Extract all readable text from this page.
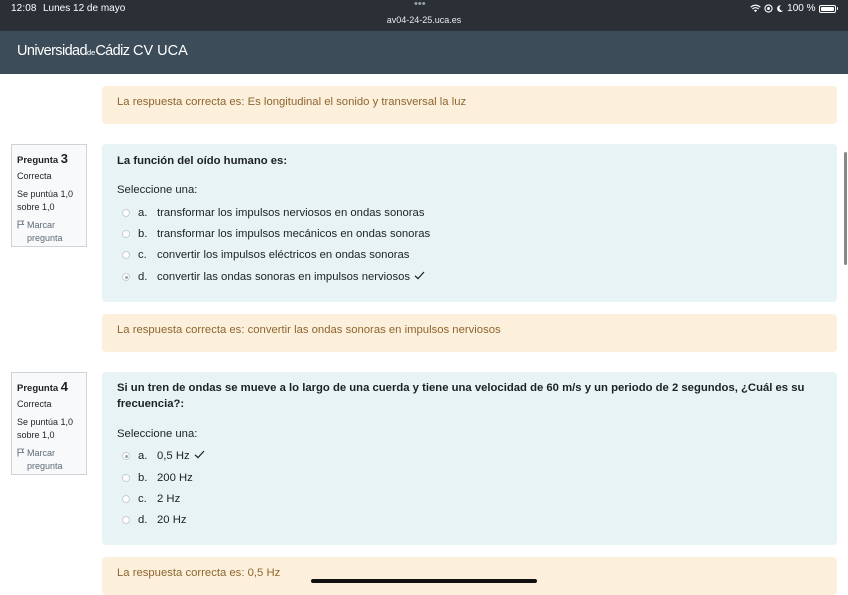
12:08 Lunes 12 de mayo	•••
av04-24-25.uca.es
100 %
UniversidaddeCádiz CV UCA
La respuesta correcta es: Es longitudinal el sonido y transversal la luz
Pregunta 3
Correcta
Se puntúa 1,0 sobre 1,0
Marcar pregunta
La función del oído humano es:
Seleccione una:
a. transformar los impulsos nerviosos en ondas sonoras
b. transformar los impulsos mecánicos en ondas sonoras
c. convertir los impulsos eléctricos en ondas sonoras
d. convertir las ondas sonoras en impulsos nerviosos
La respuesta correcta es: convertir las ondas sonoras en impulsos nerviosos
Pregunta 4
Correcta
Se puntúa 1,0 sobre 1,0
Marcar pregunta
Si un tren de ondas se mueve a lo largo de una cuerda y tiene una velocidad de 60 m/s y un periodo de 2 segundos, ¿Cuál es su frecuencia?:
Seleccione una:
a. 0,5 Hz
b. 200 Hz
c. 2 Hz
d. 20 Hz
La respuesta correcta es: 0,5 Hz
